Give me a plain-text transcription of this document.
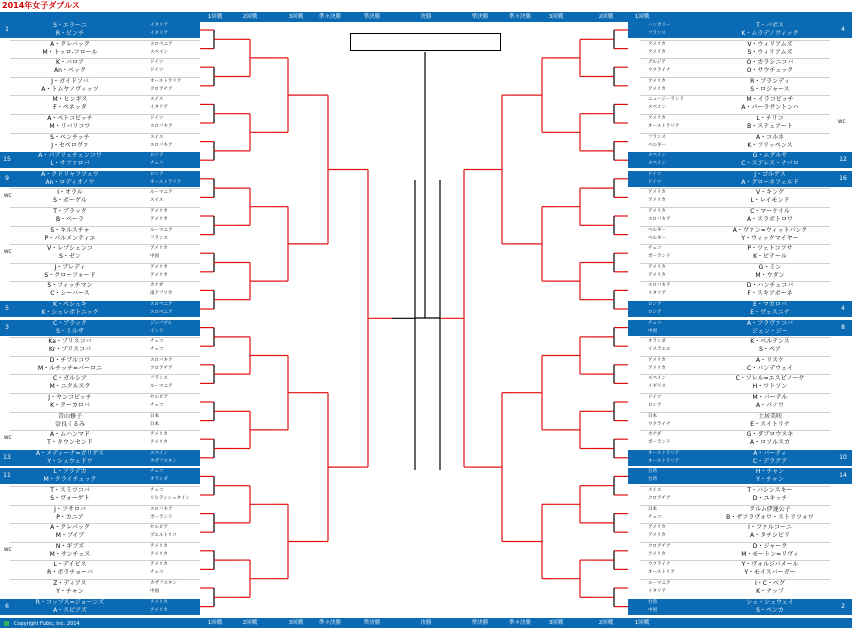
2014年女子ダブルス
1回戦	2回戦	3回戦	準々決勝	準決勝	決勝	準決勝	準々決勝	3回戦	2回戦	1回戦
1回戦	2回戦	3回戦	準々決勝	準決勝	決勝	準決勝	準々決勝	3回戦	2回戦	1回戦
Copyright Fubic, Inc. 2014
1
S・エラーニ	イタリア
R・ビンチ	イタリア
A・クレバック	スロベニア
M・トッロ-フロール	スペイン
K・バロア	ドイツ
An・ベック	ドイツ
J・ガイドソバ	オーストラリア
A・トムヤノヴィッツ	クロアチア
M・ヒンギス	スイス
F・ペネッタ	イタリア
A・ペトコビッチ	ドイツ
M・リバリコワ	スロバキア
S・ベンチッチ	スイス
J・セペロヴァ	スロバキア
15
A・パブリュチェンコワ	ロシア
L・サファロバ	チェコ
9
A・クドリャフツェワ	ロシア
An・ロディオノワ	オーストラリア
WC
I・オラル	ルーマニア
S・ボーゲル	スイス
T・ブラック	アメリカ
B・ベーラ	アメリカ
S・キルスチャ	ルーマニア
P・パルメンティエ	フランス
WC
V・レプシェンコ	アメリカ
S・ゼン	中国
J・ブレディ	アメリカ
S・クローフォード	アメリカ
S・フィッチマン	カナダ
C・シーバース	南アフリカ
5
K・ペシュキ	スロベニア
K・シュレボトニック	スロベニア
3
C・ブラック	ジンバブエ
S・ミルザ	インド
Ka・プリスコバ	チェコ
Kr・プリスコバ	チェコ
D・チブルコワ	スロバキア
M・ルチッチ=バーロニ	クロアチア
C・ガルシア	フランス
M・ニクルスク	ルーマニア
J・ヤンコビッチ	セルビア
K・クーカロバ	チェコ
青山修子	日本
奈良くるみ	日本
WC
A・ムハンマド	アメリカ
T・タウンセンド	アメリカ
13
A・メディーナ=ガリゲス	スペイン
Y・シュウェドワ	カザフスタン
11
L・フラデカ	チェコ
M・クライチェック	オランダ
T・スミツコバ	チェコ
S・ヴォーゲト	リヒテンシュタイン
J・フサロバ	スロバキア
P・カニア	ポーランド
A・クレパック	セルビア
M・ブイブ	プエルトリコ
WC
N・ギブズ	アメリカ
M・サンチェス	アメリカ
L・デイビス	アメリカ
R・ボラチョーバ	チェコ
Z・ディアス	カザフスタン
Y・チャン	中国
6
R・コップス=ジョーンズ	アメリカ
A・スピアズ	アメリカ
4
T・バボス
ハンガリー
K・ムラデノヴィック
フランス
V・ウィリアムズ
アメリカ
S・ウィリアムズ
アメリカ
O・カラシニコバ
グルジア
O・サウチュック
ウクライナ
R・ブランディ
アメリカ
S・ロジャース
アメリカ
M・イラコビッチ
ニュージーランド
A・パーラサントンハ
スペイン
WC
L・チリコ
アメリカ
B・ステュアート
オーストラリア
A・コルネ
フランス
K・フリッペンス
ベルギー
12
G・ムグルサ
スペイン
C・スアレス・ナバロ
スペイン
16
J・ゴルゲス
ドイツ
A・グローネフェルド
ドイツ
V・キング
アメリカ
L・レイモンド
アメリカ
C・マーケイル
アメリカ
A・スラボトロワ
スロバキア
A・ヴァン=ウィットバンク
ベルギー
Y・ウィックマイヤー
ベルギー
P・ツェトコフサ
チェコ
K・ビテール
ポーランド
G・ミン
アメリカ
M・ウダン
アメリカ
D・ハンチュコバ
スロバキア
F・スキアボーネ
イタリア
4
E・マカロバ
ロシア
E・ヴェスニナ
ロシア
8
A・フラヴァコバ
チェコ
ジェン・ジー
中国
K・ベルテンス
オランダ
S・ペア
イスラエル
A・リスケ
アメリカ
C・バンデウェイ
アメリカ
C・ソレル=エスピノーサ
スペイン
H・ワトソン
イギリス
M・バーテル
ドイツ
A・パノワ
ロシア
土居美咲
日本
E・スイトリナ
ウクライナ
G・ダブロウスキ
カナダ
A・ロソルスカ
ポーランド
10
A・バーティ
オーストラリア
C・デラクア
オーストラリア
14
H・チャン
台湾
Y・チャン
台湾
T・バシンスキー
スイス
D・ユキッチ
クロアチア
クルム伊達公子
日本
B・ザフラヴォワ・ストリツォワ
チェコ
I・ファルコーニ
アメリカ
A・タチシビリ
アメリカ
D・ジャーク
クロアチア
M・モートン=リヴィ
アメリカ
Y・ヴォルジバメール
ウクライナ
Y・モイスバーガー
オーストリア
I・C・ベグ
ルーマニア
K・ナップ
イタリア
2
シェ・シュウェイ
台湾
S・ペンカ
中国
